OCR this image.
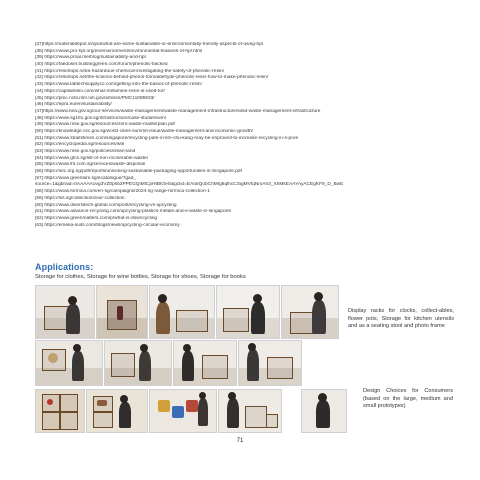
[37]https://materialdepot.in/qna/what-are-some-sustainable-or-environmentally-friendly-aspects-of-using-hpl
[38] https://www.pro-hpl.org/en/environment/environmental-features-of-hpl.html
[39] https://www.proal.me/blog/sustainability-and-hpl
[40] https://faeduser.buildinggreen.com/forum/phenolic-backed
[41] https://resintops.net/a-hazardous-chemical-investigating-the-safety-of-phenolic-resin/
[42] https://resintops.net/the-science-behind-phenol-formaldehyde-phenolic-resin-how-to-make-phenolic-resin/
[43] https://www.labtechsupplyco.com/getting-into-the-basics-of-phenolic-resin/
[44] https://capitalresin.com/what-melamine-resin-is-used-for/
[45] https://pmc.ncbi.nlm.nih.gov/articles/PMC11085933/
[46] https://epra.eu/en/sustainability/
[47]https://www.nea.gov.sg/our-services/waste-management/waste-management-infrastructure/solid-waste-management-infrastructure
[48] https://www.sg101.gov.sg/infrastructure/case-studies/wm/
[49] https://www.mse.gov.sg/resources/zero-waste-masterplan.pdf
[50] https://knowledge.csc.gov.sg/world-cities-summit-issue/waste-management-and-economic-growth/
[51] https://www.straitstimes.com/singapore/recycling-park-in-lim-chu-kang-may-be-improved-to-increase-recycling-in-s-pore
[52] https://encyclopedia.sg/resources/wte
[53] https://www.mse.gov.sg/policies/clean-land
[54] https://www.gfcs.sg/list-of-non-incinerable-waste/
[55] https://www.lht.com.sg/services/waste-disposal/
[56] https://sec.org.sg/pdf/reports/unlocking-sustainable-packaging-opportunities-in-Singapore.pdf
[57] https://www.greenlam.sg/ecatalogue/?gad_
source=1&gbraid=0AAAAAovg3VZ0ps53PPEGQiMtCpHtBIOeS&gclid=EAIaIQobChMIg6qlhcCSigMVfqNmAh3_XhMkEAAYAyACEgKF9_D_BwE
[58] https://www.formica.com/en-sg/campaigns/2024-sg-range-formica-collection-1
[59] https://iss.sg/collections/our-collection
[60] https://www.diversitech-global.com/post/recycling-vs-upcycling
[61] https://www.advance-recycling.com/upcycling-plastics-metals-and-e-waste-in-singapore/
[62] https://www.greenmatters.com/p/what-is-downcycling
[63] https://emeka-suits.com/blogs/news/upcycling-circular-economy
Applications:
Storage for clothes, Storage for wine bottles, Storage for shoes, Storage for books
Display racks for clocks, collect-ables, flower pots, Storage for kitchen utensils and as a seating stool and photo frame
Design Choices for Consumers (based on the large, medium and small prototypes)
71
